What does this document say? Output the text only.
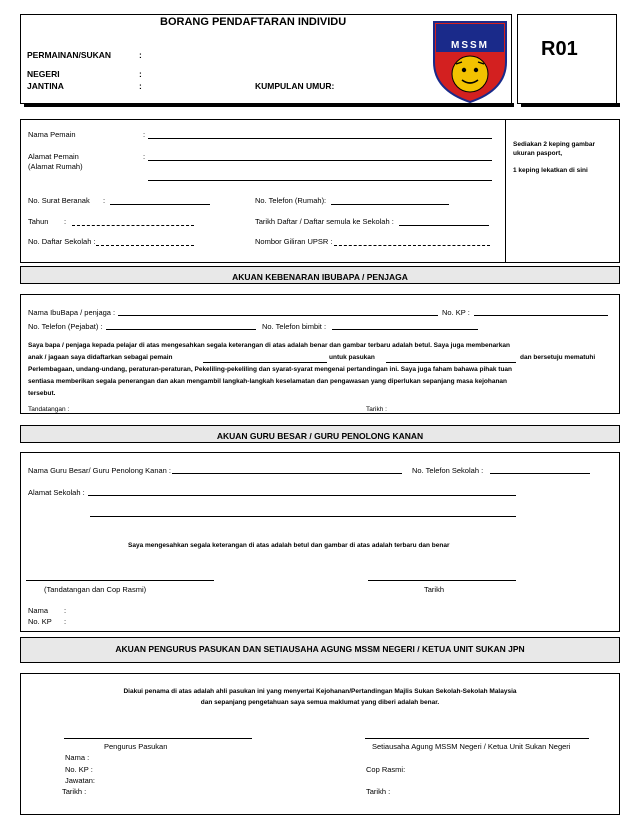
BORANG PENDAFTARAN INDIVIDU
PERMAINAN/SUKAN	:
NEGERI	:
JANTINA	:	KUMPULAN UMUR:
MSSM	R01
Nama Pemain	:
Alamat Pemain
(Alamat Rumah)
:
No. Surat Beranak :	No. Telefon (Rumah):
Tahun :	Tarikh Daftar / Daftar semula ke Sekolah :
No. Daftar Sekolah :	Nombor Giliran UPSR :
Sediakan 2 keping gambar ukuran pasport,
1 keping lekatkan di sini
AKUAN KEBENARAN IBUBAPA / PENJAGA
Nama IbuBapa / penjaga :	No. KP :
No. Telefon (Pejabat) :	No. Telefon bimbit :
Saya bapa / penjaga kepada pelajar di atas mengesahkan segala keterangan di atas adalah benar dan gambar terbaru adalah betul. Saya juga membenarkan
anak / jagaan saya didaftarkan sebagai pemain	untuk pasukan	dan bersetuju mematuhi
Perlembagaan, undang-undang, peraturan-peraturan, Pekeliling-pekeliling dan syarat-syarat mengenai pertandingan ini. Saya juga faham bahawa pihak tuan
sentiasa memberikan segala penerangan dan akan mengambil langkah-langkah keselamatan dan pengawasan yang diperlukan sepanjang masa kejohanan
tersebut.
Tandatangan :	Tarikh :
AKUAN GURU BESAR / GURU PENOLONG KANAN
Nama Guru Besar/ Guru Penolong Kanan :	No. Telefon Sekolah :
Alamat Sekolah :
Saya mengesahkan segala keterangan di atas adalah betul dan gambar di atas adalah terbaru dan benar
(Tandatangan dan Cop Rasmi)	Tarikh
Nama :
No. KP :
AKUAN PENGURUS PASUKAN DAN SETIAUSAHA AGUNG MSSM NEGERI / KETUA UNIT SUKAN JPN
Diakui penama di atas adalah ahli pasukan ini yang menyertai Kejohanan/Pertandingan Majlis Sukan Sekolah-Sekolah Malaysia
dan sepanjang pengetahuan saya semua maklumat yang diberi adalah benar.
Pengurus Pasukan	Setiausaha Agung MSSM Negeri / Ketua Unit Sukan Negeri
Nama :
No. KP :
Jawatan:
Tarikh :
Cop Rasmi:
Tarikh :
